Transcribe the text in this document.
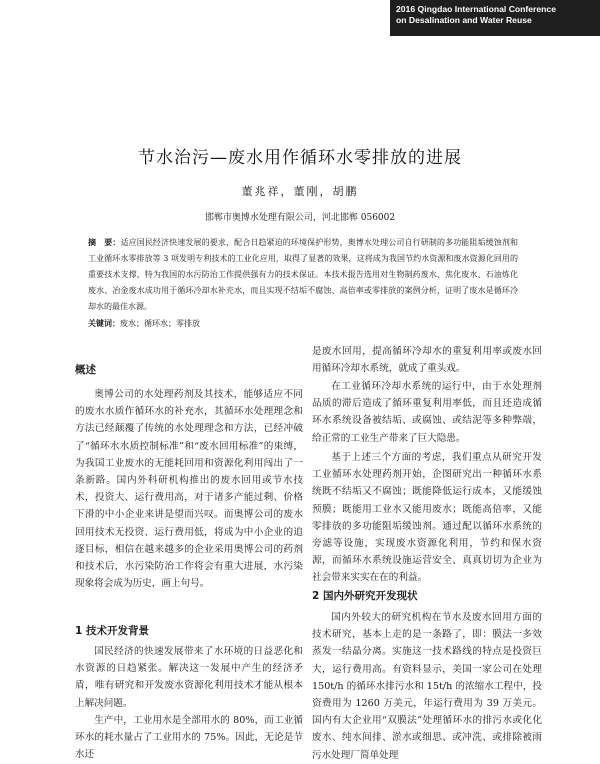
2016 Qingdao International Conference
on Desalination and Water Reuse
节水治污—废水用作循环水零排放的进展
董兆祥，董刚，胡鹏
邯郸市奥博水处理有限公司，河北邯郸 056002
摘　要：适应国民经济快速发展的要求，配合日趋紧迫的环境保护形势，奥博水处理公司自行研制的多功能阻垢缓蚀剂和工业循环水零排放等 3 项发明专利技术的工业化应用，取得了显著的效果，这将成为我国节约水资源和废水资源化回用的重要技术支撑，特为我国的水污防治工作提供强有力的技术保证。本技术报告选用对生物制药废水、焦化废水、石油炼化废水、冶金废水成功用于循环冷却水补充水，而且实现不结垢不腐蚀、高倍率或零排放的案例分析，证明了废水是循环冷却水的最佳水源。
关键词：废水；循环水；零排放
概述
奥博公司的水处理药剂及其技术，能够适应不同的废水水质作循环水的补充水，其循环水处理理念和方法已经颠覆了传统的水处理理念和方法，已经冲破了“循环水水质控制标准”和“废水回用标准”的束缚，为我国工业废水的无能耗回用和资源化利用闯出了一条新路。国内外科研机构推出的废水回用或节水技术，投资大、运行费用高，对于诸多产能过剩、价格下滑的中小企业来讲是望而兴叹。而奥博公司的废水回用技术无投资、运行费用低，将成为中小企业的追逐目标，相信在越来越多的企业采用奥博公司的药剂和技术后，水污染防治工作将会有重大进展，水污染现象将会成为历史，画上句号。
1 技术开发背景
国民经济的快速发展带来了水环境的日益恶化和水资源的日趋紧张。解决这一发展中产生的经济矛盾，唯有研究和开发废水资源化利用技术才能从根本上解决问题。
生产中，工业用水是全部用水的 80%，而工业循环水的耗水量占了工业用水的 75%。因此，无论是节水还
是废水回用，提高循环冷却水的重复利用率或废水回用循环冷却水系统，就成了重头戏。
在工业循环冷却水系统的运行中，由于水处理剂品质的滞后造成了循环重复利用率低，而且还造成循环水系统设备被结垢、或腐蚀、或结泥等多种弊端，给正常的工业生产带来了巨大隐患。
基于上述三个方面的考虑，我们重点从研究开发工业循环水处理药剂开始，企图研究出一种循环水系统既不结垢又不腐蚀；既能降低运行成本，又能缓蚀预膜；既能用工业水又能用废水；既能高倍率，又能零排放的多功能阻垢缓蚀剂。通过配以循环水系统的旁滤等设施，实现废水资源化利用，节约和保水资源，而循环水系统设施运营安全、真真切切为企业为社会带来实实在在的利益。
2 国内外研究开发现状
国内外较大的研究机构在节水及废水回用方面的技术研究，基本上走的是一条路了，即：膜法一多效蒸发一结晶分离。实施这一技术路线的特点是投资巨大，运行费用高。有资料显示，美国一家公司在处理 150t/h 的循环水排污水和 15t/h 的浓缩水工程中，投资费用为 1260 万美元，年运行费用为 39 万美元。国内有大企业用“双膜法”处理循环水的排污水或化化废水、纯水间排、淤水或细思、或冲洗、或排除被雨污水处理厂简单处理
